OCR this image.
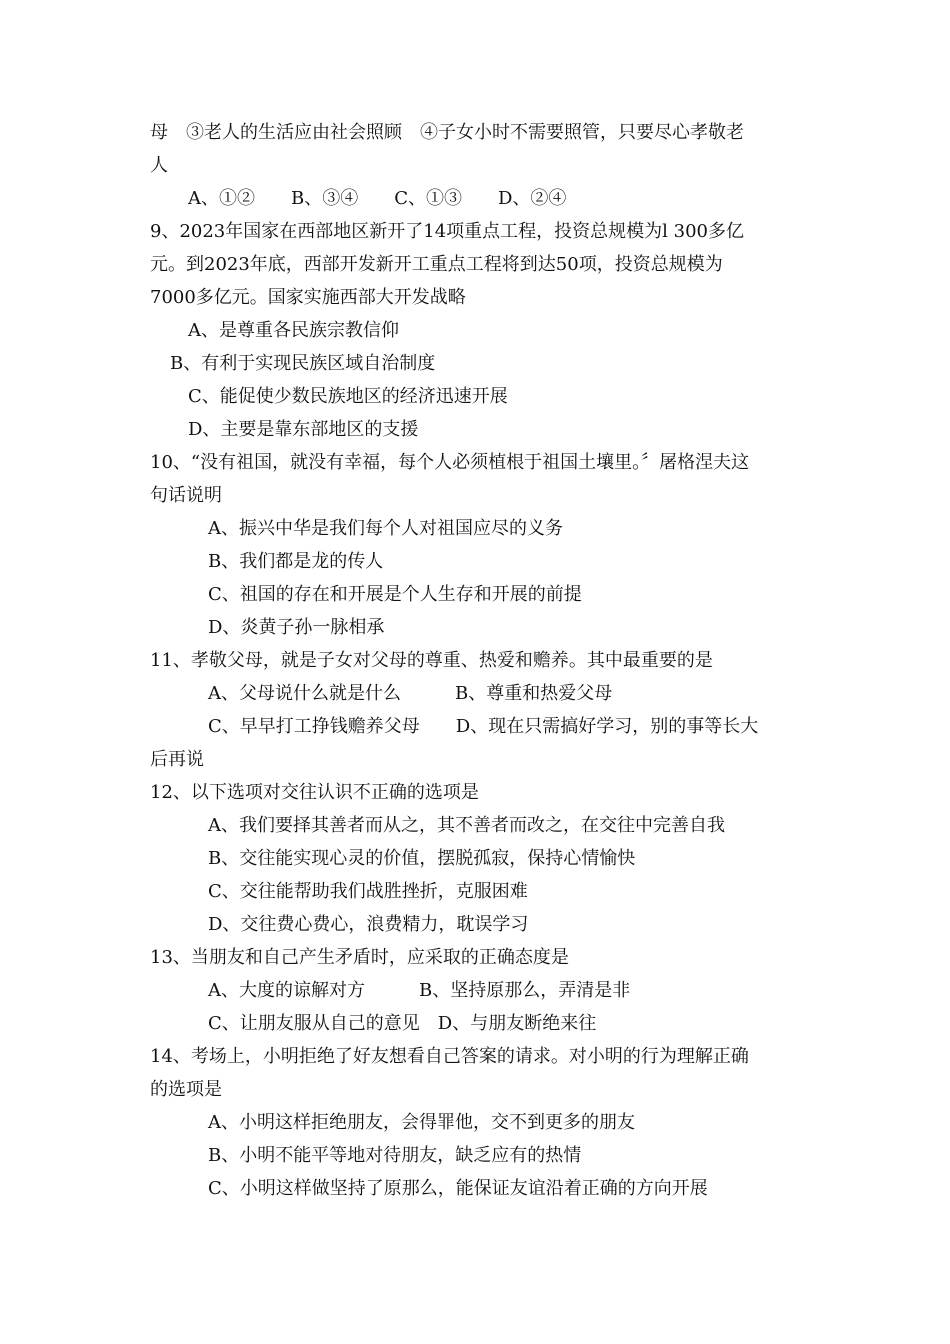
母　③老人的生活应由社会照顾　④子女小时不需要照管，只要尽心孝敬老
人
A、①②　　B、③④　　C、①③　　D、②④
9、2023年国家在西部地区新开了14项重点工程，投资总规模为l 300多亿
元。到2023年底，西部开发新开工重点工程将到达50项，投资总规模为
7000多亿元。国家实施西部大开发战略
A、是尊重各民族宗教信仰
B、有利于实现民族区域自治制度
C、能促使少数民族地区的经济迅速开展
D、主要是靠东部地区的支援
10、“没有祖国，就没有幸福，每个人必须植根于祖国土壤里。〞屠格涅夫这
句话说明
A、振兴中华是我们每个人对祖国应尽的义务
B、我们都是龙的传人
C、祖国的存在和开展是个人生存和开展的前提
D、炎黄子孙一脉相承
11、孝敬父母，就是子女对父母的尊重、热爱和赡养。其中最重要的是
A、父母说什么就是什么　　　B、尊重和热爱父母
C、早早打工挣钱赡养父母　　D、现在只需搞好学习，别的事等长大
后再说
12、以下选项对交往认识不正确的选项是
A、我们要择其善者而从之，其不善者而改之，在交往中完善自我
B、交往能实现心灵的价值，摆脱孤寂，保持心情愉快
C、交往能帮助我们战胜挫折，克服困难
D、交往费心费心，浪费精力，耽误学习
13、当朋友和自己产生矛盾时，应采取的正确态度是
A、大度的谅解对方　　　B、坚持原那么，弄清是非
C、让朋友服从自己的意见　D、与朋友断绝来往
14、考场上，小明拒绝了好友想看自己答案的请求。对小明的行为理解正确
的选项是
A、小明这样拒绝朋友，会得罪他，交不到更多的朋友
B、小明不能平等地对待朋友，缺乏应有的热情
C、小明这样做坚持了原那么，能保证友谊沿着正确的方向开展
